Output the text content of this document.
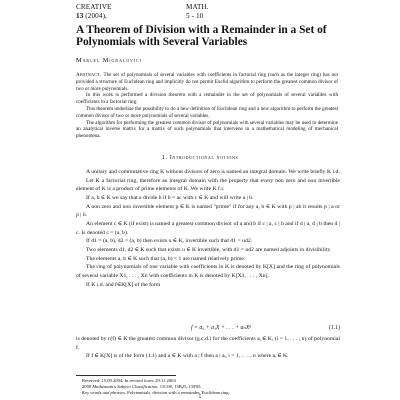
CREATIVE
13 (2004),
MATH.
5 - 10
A Theorem of Division with a Remainder in a Set of Polynomials with Several Variables
Marcel Migdalovici

Abstract. The set of polynomials of several variables with coefficients in factorial ring (such as the integer ring) has not provided a structure of Euclidean ring and implicitly do not permit Euclid algorithm to perform the greatest common divisor of two or more polynomials.

In this work is performed a division theorem with a remainder in the set of polynomials of several variables with coefficients in a factorial ring.

This theorem underline the possibility to do a new definition of Euclidean ring and a new algorithm to perform the greatest common divisor of two or more polynomials of several variables.

The algorithm for performing the greatest common divisor of polynomials with several variables may be used to determine an analytical inverse matrix for a matrix of such polynomials that intervene in a mathematical modeling of mechanical phenomena.

1. Introductional notions

A unitary and commutative ring K without divisors of zero is named an integral domain. We write briefly K i.d.

Let K a factorial ring, therefore an integral domain with the property that every non zero and non invertible element of K is a product of prime elements of K. We write K f.r.

If a, b ∈ K we say that a divide b if b = ac with c ∈ K and will write a | b.

A non zero and non invertible element p ∈ K is named "prime" if for any a, b ∈ K with p | ab it results p | a or p | b.

An element c ∈ K (if exist) is named a greatest common divisor of a and b if c | a, c | b and if d | a, d | b then d | c. Is denoted c = (a, b).

If d1 = (a, b), d2 = (a, b) then exists u ∈ K, invertible such that d1 = ud2.

Two elements d1, d2 ∈ K such that exists u ∈ K invertible, with d1 = ud2 are named adjoints in divisibility.

The elements a, b ∈ K such that (a, b) = 1 are named relatively prime.

The ring of polynomials of one variable with coefficients in K is denoted by K[X] and the ring of polynomials of several variable X1, . . . , Xn with coefficients in K is denoted by K[X1, . . . , Xn].

If K i.d. and f∈K[X] of the form

f = a₀ + a₁X + . . . + aₙXⁿ	(1.1)

is denoted by c(f) ∈ K the greatest common divisor (g.c.d.) for the coefficients aᵢ ∈ K, (i = 1, . . . , n) of polynomial f.

If f ∈ K[X] is of the form (1.1) and a ∈ K with a | f then a | aᵢ, i = 1, . . . , n where aᵢ ∈ K.

Received: 15.09.2004. In revised form: 29.11.2004

2000 Mathematics Subject Classification. 11C08, 13B25, 15F05.

Key words and phrases. Polynomials, division with a remainder, Euclidean ring.

5
